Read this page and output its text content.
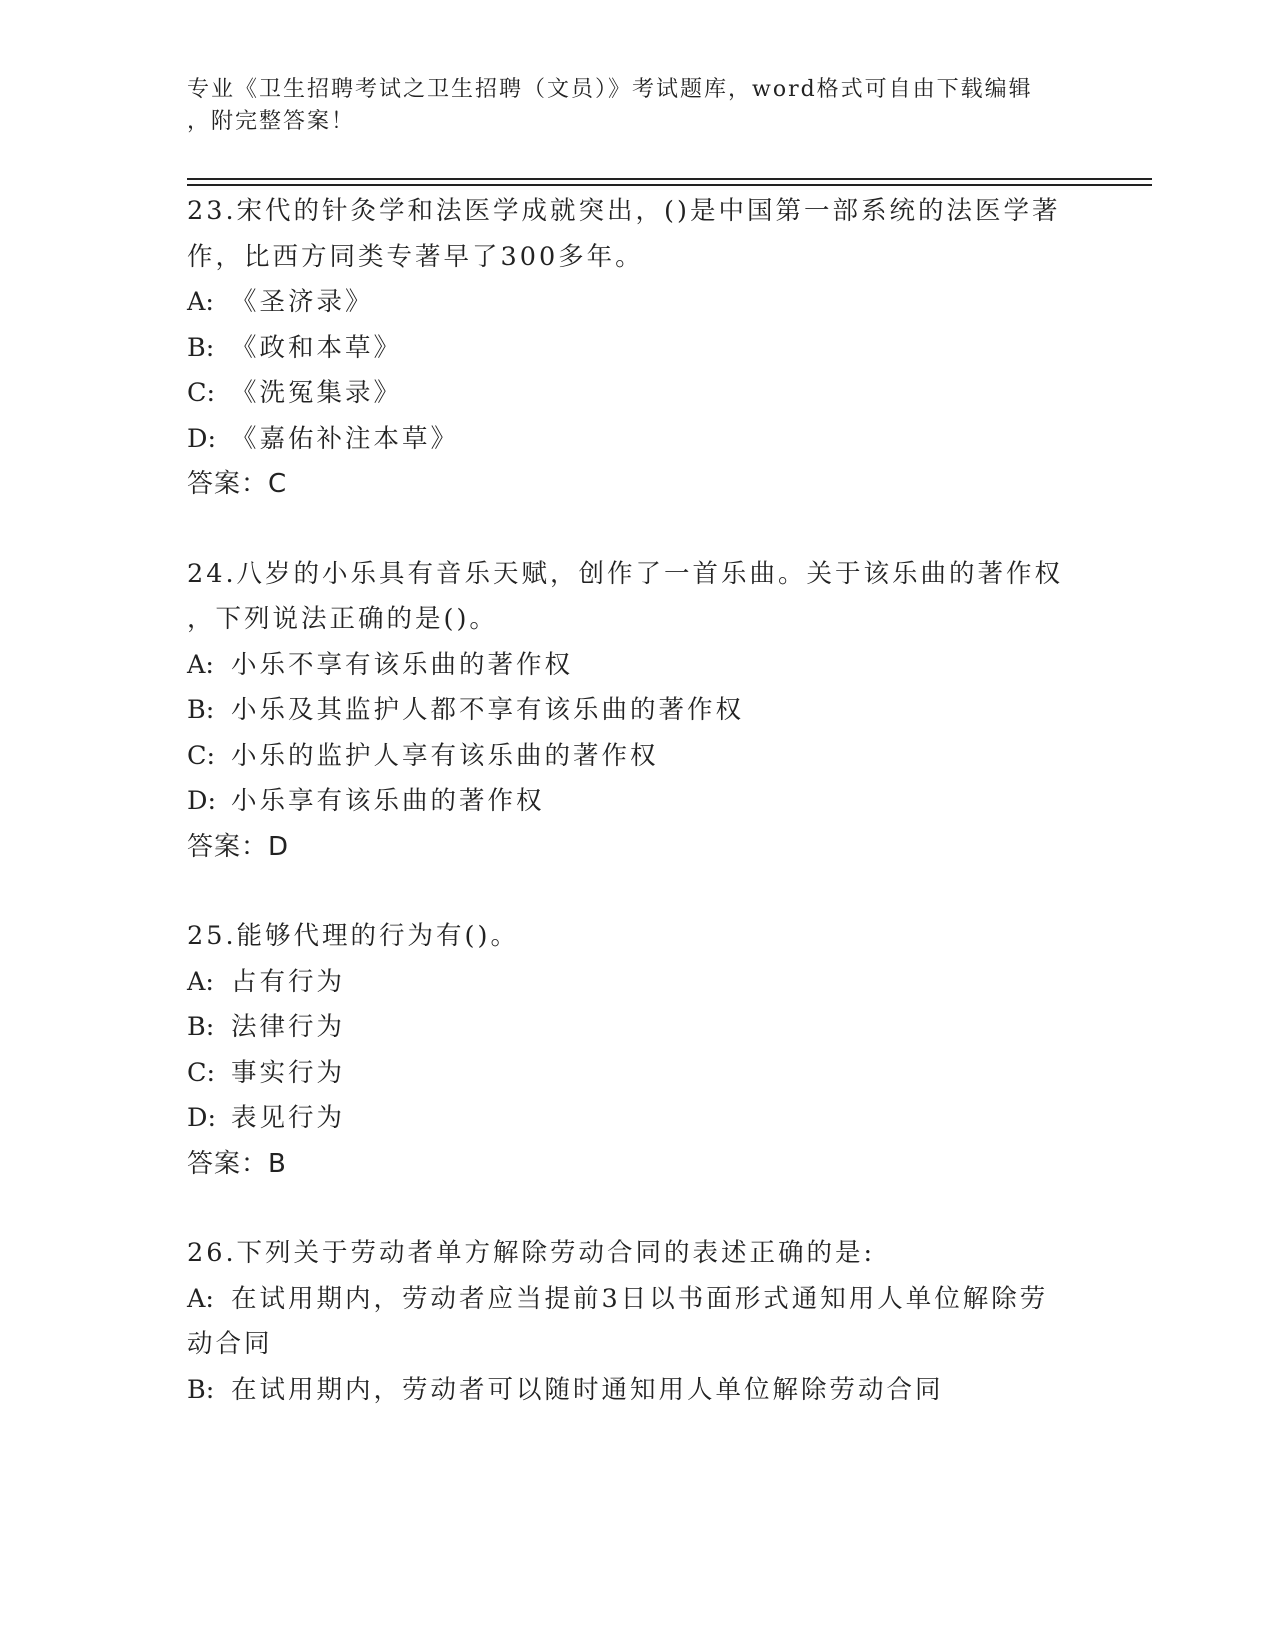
专业《卫生招聘考试之卫生招聘（文员）》考试题库，word格式可自由下载编辑
，附完整答案！
23.宋代的针灸学和法医学成就突出，()是中国第一部系统的法医学著
作，比西方同类专著早了300多年。
A: 《圣济录》
B: 《政和本草》
C: 《洗冤集录》
D: 《嘉佑补注本草》
答案：C
24.八岁的小乐具有音乐天赋，创作了一首乐曲。关于该乐曲的著作权
，下列说法正确的是()。
A: 小乐不享有该乐曲的著作权
B: 小乐及其监护人都不享有该乐曲的著作权
C: 小乐的监护人享有该乐曲的著作权
D: 小乐享有该乐曲的著作权
答案：D
25.能够代理的行为有()。
A: 占有行为
B: 法律行为
C: 事实行为
D: 表见行为
答案：B
26.下列关于劳动者单方解除劳动合同的表述正确的是:
A: 在试用期内，劳动者应当提前3日以书面形式通知用人单位解除劳
动合同
B: 在试用期内，劳动者可以随时通知用人单位解除劳动合同
